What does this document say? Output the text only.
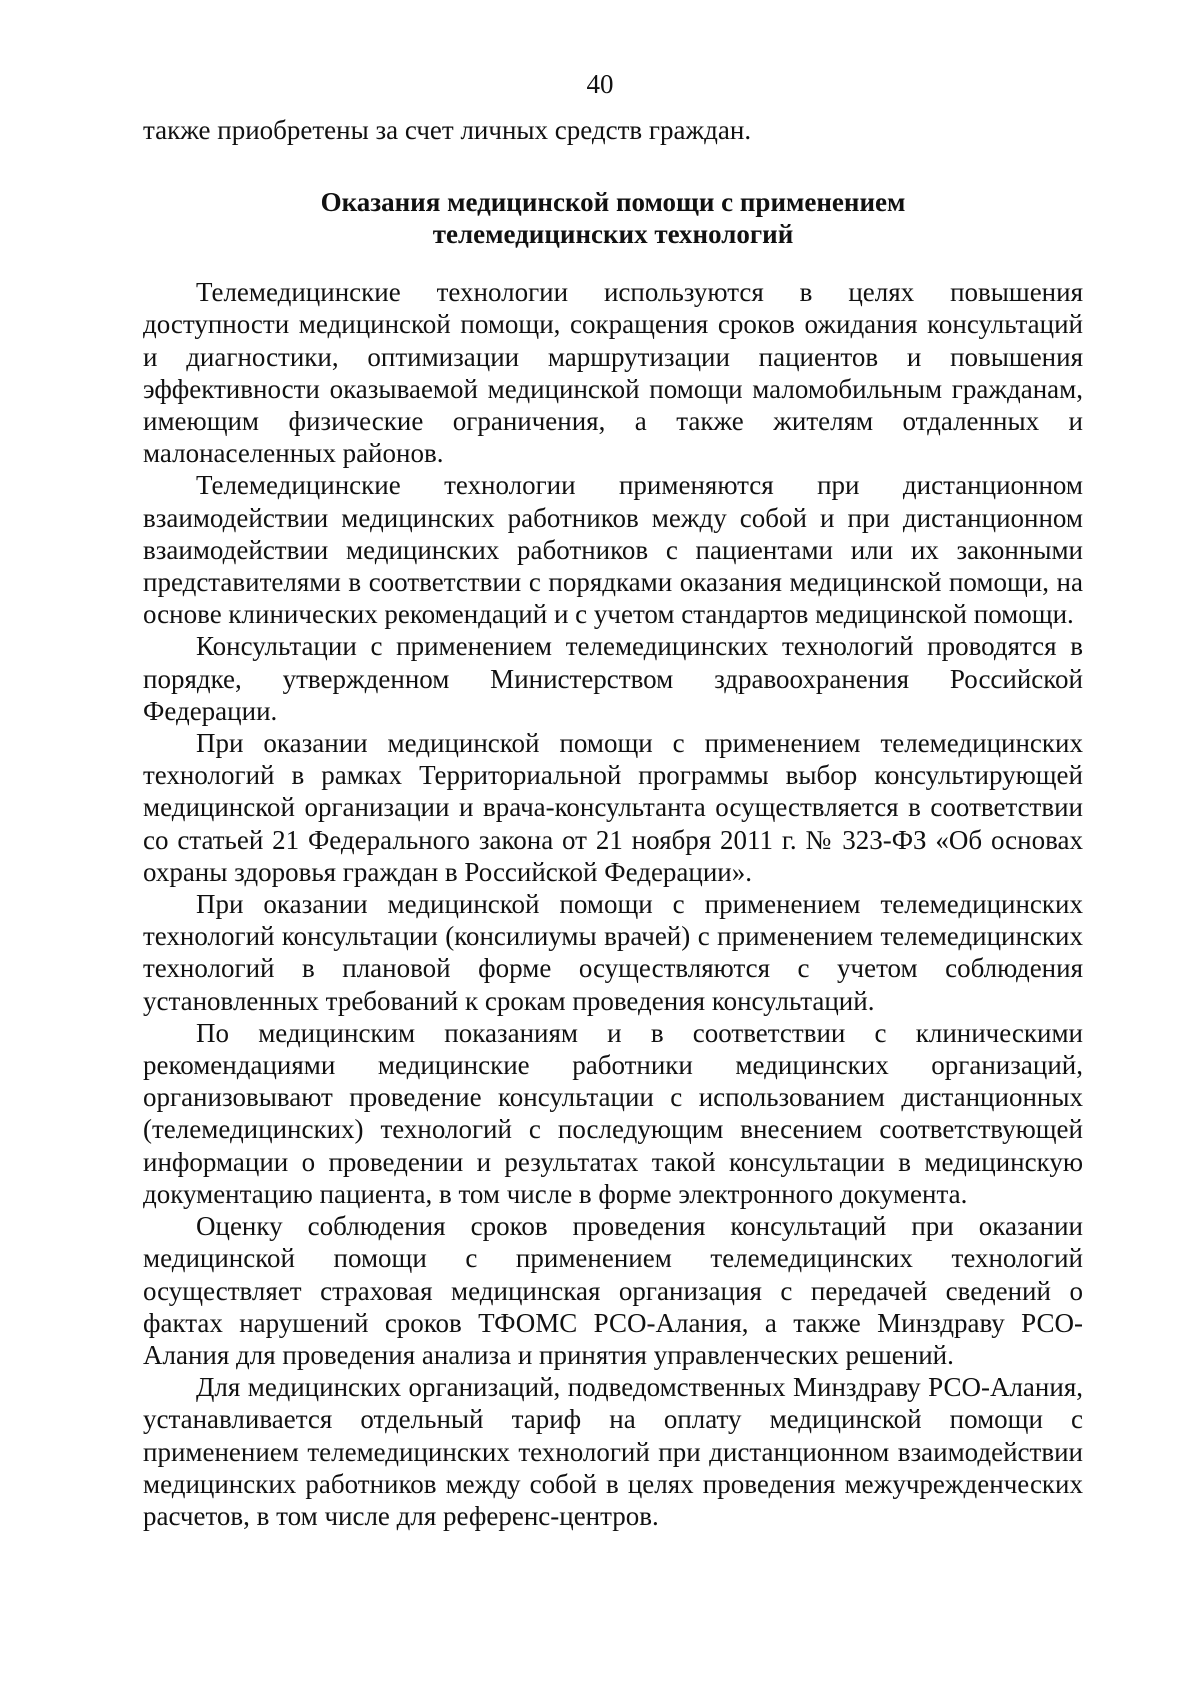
40

также приобретены за счет личных средств граждан.

Оказания медицинской помощи с применением
телемедицинских технологий

Телемедицинские технологии используются в целях повышения доступности медицинской помощи, сокращения сроков ожидания консультаций и диагностики, оптимизации маршрутизации пациентов и повышения эффективности оказываемой медицинской помощи маломобильным гражданам, имеющим физические ограничения, а также жителям отдаленных и малонаселенных районов.

Телемедицинские технологии применяются при дистанционном взаимодействии медицинских работников между собой и при дистанционном взаимодействии медицинских работников с пациентами или их законными представителями в соответствии с порядками оказания медицинской помощи, на основе клинических рекомендаций и с учетом стандартов медицинской помощи.

Консультации с применением телемедицинских технологий проводятся в порядке, утвержденном Министерством здравоохранения Российской Федерации.

При оказании медицинской помощи с применением телемедицинских технологий в рамках Территориальной программы выбор консультирующей медицинской организации и врача-консультанта осуществляется в соответствии со статьей 21 Федерального закона от 21 ноября 2011 г. № 323-ФЗ «Об основах охраны здоровья граждан в Российской Федерации».

При оказании медицинской помощи с применением телемедицинских технологий консультации (консилиумы врачей) с применением телемедицинских технологий в плановой форме осуществляются с учетом соблюдения установленных требований к срокам проведения консультаций.

По медицинским показаниям и в соответствии с клиническими рекомендациями медицинские работники медицинских организаций, организовывают проведение консультации с использованием дистанционных (телемедицинских) технологий с последующим внесением соответствующей информации о проведении и результатах такой консультации в медицинскую документацию пациента, в том числе в форме электронного документа.

Оценку соблюдения сроков проведения консультаций при оказании медицинской помощи с применением телемедицинских технологий осуществляет страховая медицинская организация с передачей сведений о фактах нарушений сроков ТФОМС РСО-Алания, а также Минздраву РСО-Алания для проведения анализа и принятия управленческих решений.

Для медицинских организаций, подведомственных Минздраву РСО-Алания, устанавливается отдельный тариф на оплату медицинской помощи с применением телемедицинских технологий при дистанционном взаимодействии медицинских работников между собой в целях проведения межучрежденческих расчетов, в том числе для референс-центров.
